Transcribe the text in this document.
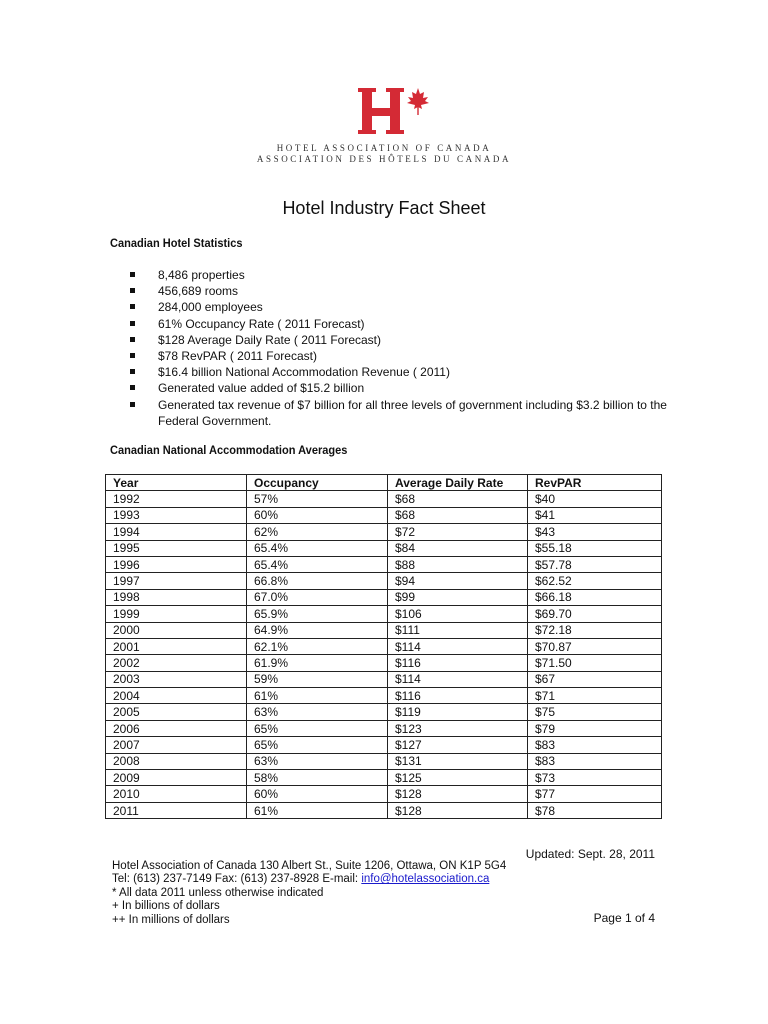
HOTEL ASSOCIATION OF CANADA
ASSOCIATION DES HÔTELS DU CANADA
Hotel Industry Fact Sheet
Canadian Hotel Statistics
8,486 properties
456,689 rooms
284,000 employees
61% Occupancy Rate ( 2011 Forecast)
$128 Average Daily Rate ( 2011 Forecast)
$78 RevPAR ( 2011 Forecast)
$16.4 billion National Accommodation Revenue ( 2011)
Generated value added of $15.2 billion
Generated tax revenue of $7 billion for all three levels of government including $3.2 billion to the Federal Government.
Canadian National Accommodation Averages
Year	Occupancy	Average Daily Rate	RevPAR
1992	57%	$68	$40
1993	60%	$68	$41
1994	62%	$72	$43
1995	65.4%	$84	$55.18
1996	65.4%	$88	$57.78
1997	66.8%	$94	$62.52
1998	67.0%	$99	$66.18
1999	65.9%	$106	$69.70
2000	64.9%	$111	$72.18
2001	62.1%	$114	$70.87
2002	61.9%	$116	$71.50
2003	59%	$114	$67
2004	61%	$116	$71
2005	63%	$119	$75
2006	65%	$123	$79
2007	65%	$127	$83
2008	63%	$131	$83
2009	58%	$125	$73
2010	60%	$128	$77
2011	61%	$128	$78
Updated: Sept. 28, 2011
Hotel Association of Canada 130 Albert St., Suite 1206, Ottawa, ON K1P 5G4
Tel: (613) 237-7149 Fax: (613) 237-8928 E-mail: info@hotelassociation.ca
* All data 2011 unless otherwise indicated
+ In billions of dollars
++ In millions of dollars	Page 1 of 4
